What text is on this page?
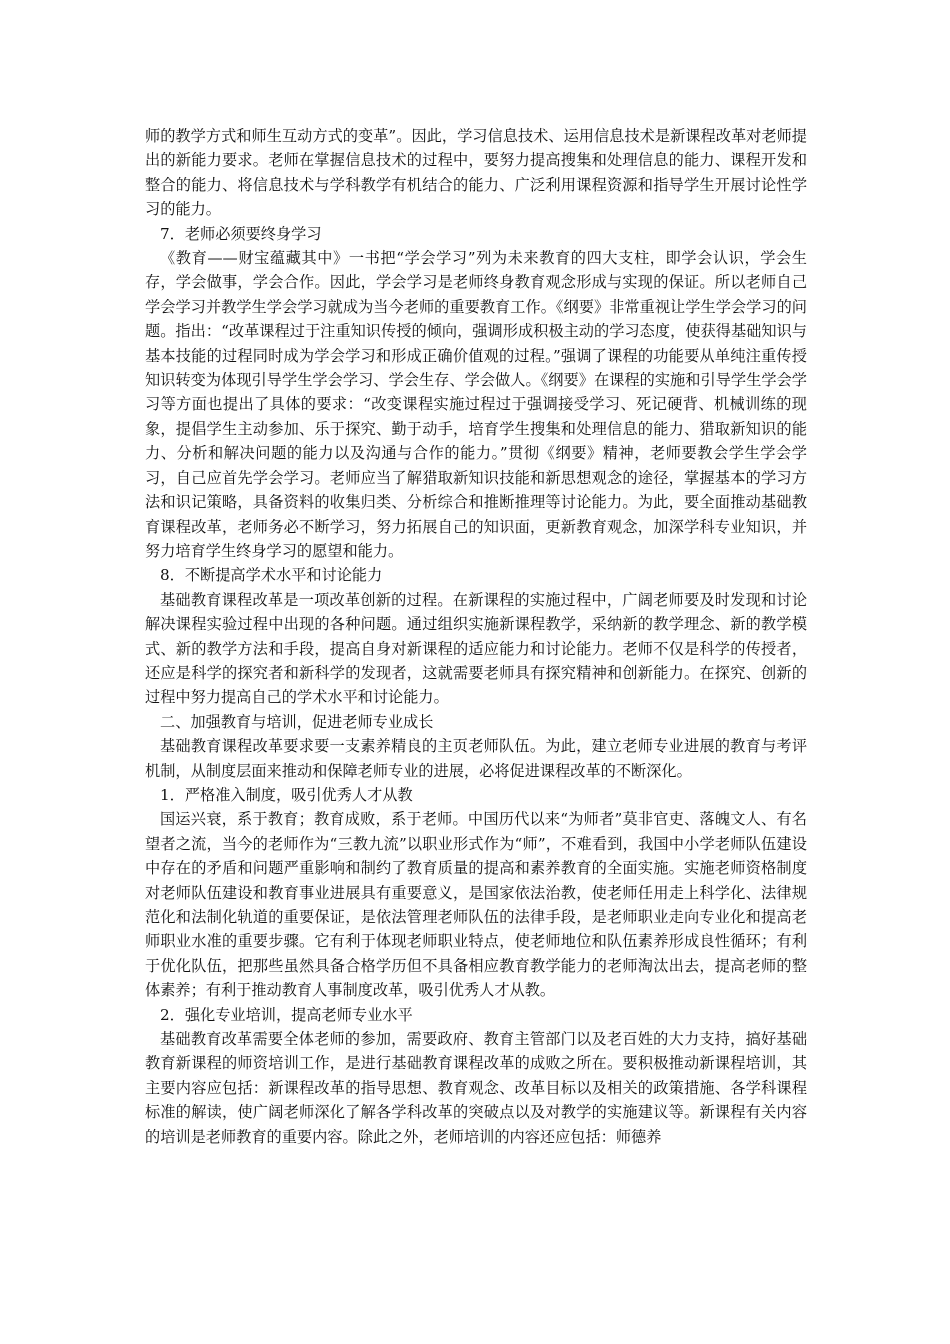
师的教学方式和师生互动方式的变革”。因此，学习信息技术、运用信息技术是新课程改革对老师提出的新能力要求。老师在掌握信息技术的过程中，要努力提高搜集和处理信息的能力、课程开发和整合的能力、将信息技术与学科教学有机结合的能力、广泛利用课程资源和指导学生开展讨论性学习的能力。

7．老师必须要终身学习

《教育——财宝蕴藏其中》一书把“学会学习”列为未来教育的四大支柱，即学会认识，学会生存，学会做事，学会合作。因此，学会学习是老师终身教育观念形成与实现的保证。所以老师自己学会学习并教学生学会学习就成为当今老师的重要教育工作。《纲要》非常重视让学生学会学习的问题。指出：“改革课程过于注重知识传授的倾向，强调形成积极主动的学习态度，使获得基础知识与基本技能的过程同时成为学会学习和形成正确价值观的过程。”强调了课程的功能要从单纯注重传授知识转变为体现引导学生学会学习、学会生存、学会做人。《纲要》在课程的实施和引导学生学会学习等方面也提出了具体的要求：“改变课程实施过程过于强调接受学习、死记硬背、机械训练的现象，提倡学生主动参加、乐于探究、勤于动手，培育学生搜集和处理信息的能力、猎取新知识的能力、分析和解决问题的能力以及沟通与合作的能力。”贯彻《纲要》精神，老师要教会学生学会学习，自己应首先学会学习。老师应当了解猎取新知识技能和新思想观念的途径，掌握基本的学习方法和识记策略，具备资料的收集归类、分析综合和推断推理等讨论能力。为此，要全面推动基础教育课程改革，老师务必不断学习，努力拓展自己的知识面，更新教育观念，加深学科专业知识，并努力培育学生终身学习的愿望和能力。

8．不断提高学术水平和讨论能力

基础教育课程改革是一项改革创新的过程。在新课程的实施过程中，广阔老师要及时发现和讨论解决课程实验过程中出现的各种问题。通过组织实施新课程教学，采纳新的教学理念、新的教学模式、新的教学方法和手段，提高自身对新课程的适应能力和讨论能力。老师不仅是科学的传授者，还应是科学的探究者和新科学的发现者，这就需要老师具有探究精神和创新能力。在探究、创新的过程中努力提高自己的学术水平和讨论能力。

二、加强教育与培训，促进老师专业成长

基础教育课程改革要求要一支素养精良的主页老师队伍。为此，建立老师专业进展的教育与考评机制，从制度层面来推动和保障老师专业的进展，必将促进课程改革的不断深化。

1．严格准入制度，吸引优秀人才从教

国运兴衰，系于教育；教育成败，系于老师。中国历代以来“为师者”莫非官吏、落魄文人、有名望者之流，当今的老师作为“三教九流”以职业形式作为“师”，不难看到，我国中小学老师队伍建设中存在的矛盾和问题严重影响和制约了教育质量的提高和素养教育的全面实施。实施老师资格制度对老师队伍建设和教育事业进展具有重要意义，是国家依法治教，使老师任用走上科学化、法律规范化和法制化轨道的重要保证，是依法管理老师队伍的法律手段，是老师职业走向专业化和提高老师职业水准的重要步骤。它有利于体现老师职业特点，使老师地位和队伍素养形成良性循环；有利于优化队伍，把那些虽然具备合格学历但不具备相应教育教学能力的老师淘汰出去，提高老师的整体素养；有利于推动教育人事制度改革，吸引优秀人才从教。

2．强化专业培训，提高老师专业水平

基础教育改革需要全体老师的参加，需要政府、教育主管部门以及老百姓的大力支持，搞好基础教育新课程的师资培训工作，是进行基础教育课程改革的成败之所在。要积极推动新课程培训，其主要内容应包括：新课程改革的指导思想、教育观念、改革目标以及相关的政策措施、各学科课程标准的解读，使广阔老师深化了解各学科改革的突破点以及对教学的实施建议等。新课程有关内容的培训是老师教育的重要内容。除此之外，老师培训的内容还应包括：师德养
